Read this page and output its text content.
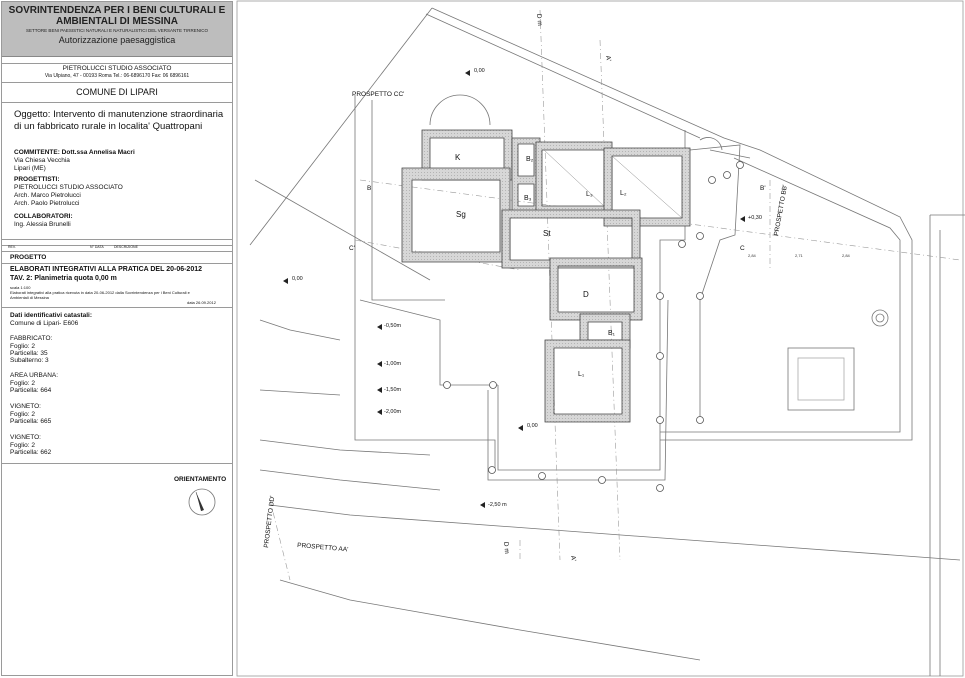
SOVRINTENDENZA PER I BENI CULTURALI E
AMBIENTALI DI MESSINA
SETTORE BENI PAESISTICI NATURALI E NATURALISTICI DEL VERSANTE TIRRENICO
Autorizzazione paesaggistica
PIETROLUCCI STUDIO ASSOCIATO
Via Ulpiano, 47 - 00193 Roma Tel.: 06-6896170 Fax: 06 6896161
COMUNE DI LIPARI
Oggetto: Intervento di manutenzione straordinaria
di un fabbricato rurale in localita' Quattropani
COMMITENTE: Dott.ssa Annelisa Macri
Via Chiesa Vecchia
Lipari (ME)
PROGETTISTI:
PIETROLUCCI STUDIO ASSOCIATO
Arch. Marco Pietrolucci
Arch. Paolo Pietrolucci
COLLABORATORI:
Ing. Alessia Brunelli
REV.	N° DATA	DESCRIZIONE
PROGETTO
ELABORATI INTEGRATIVI ALLA PRATICA DEL 20-06-2012
TAV. 2: Planimetria quota 0,00 m
scala 1:100
Elaborati integrativi alla pratica ricevuta in data 20-06-2012 dalla Sovrintendenza per i Beni Culturali e
Ambientali di Messina
data 26.09.2012
Dati identificativi catastali:
Comune di Lipari- E606
FABBRICATO:
Foglio: 2
Particella: 35
Subalterno: 3
AREA URBANA:
Foglio: 2
Particella: 664
VIGNETO:
Foglio: 2
Particella: 665
VIGNETO:
Foglio: 2
Particella: 662
ORIENTAMENTO
K
Sg
St
D
B₂
B₃
B₁
L₃	L₂
L₁
PROSPETTO CC'
PROSPETTO BB'
PROSPETTO AA'
PROSPETTO DD'
B	B'
C
C'
A'
A'
D m
D m
0,00
0,00
-0,50m
-1,00m
-1,50m
-2,00m
0,00
-2,50 m
+0,30
2,84	2,71	2,84
